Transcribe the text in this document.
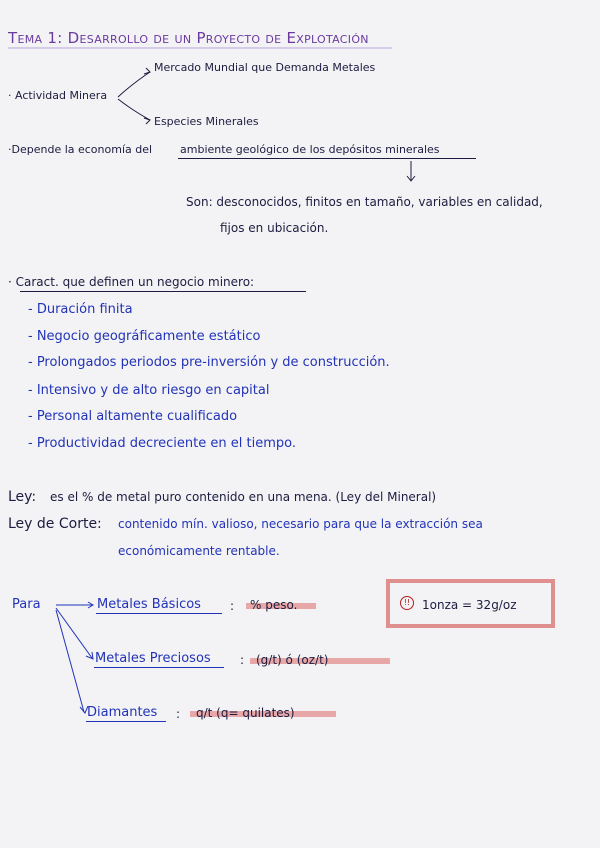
Tema 1: Desarrollo de un Proyecto de Explotación
· Actividad Minera
Mercado Mundial que Demanda Metales
Especies Minerales
·Depende la economía del	ambiente geológico de los depósitos minerales
Son: desconocidos, finitos en tamaño, variables en calidad,
fijos en ubicación.
· Caract. que definen un negocio minero:
- Duración finita
- Negocio geográficamente estático
- Prolongados periodos pre-inversión y de construcción.
- Intensivo y de alto riesgo en capital
- Personal altamente cualificado
- Productividad decreciente en el tiempo.
Ley: es el % de metal puro contenido en una mena. (Ley del Mineral)
Ley de Corte: contenido mín. valioso, necesario para que la extracción sea
económicamente rentable.
Para	Metales Básicos : % peso.
Metales Preciosos : (g/t) ó (oz/t)
Diamantes : q/t (q= quilates)
!! 1onza = 32g/oz
